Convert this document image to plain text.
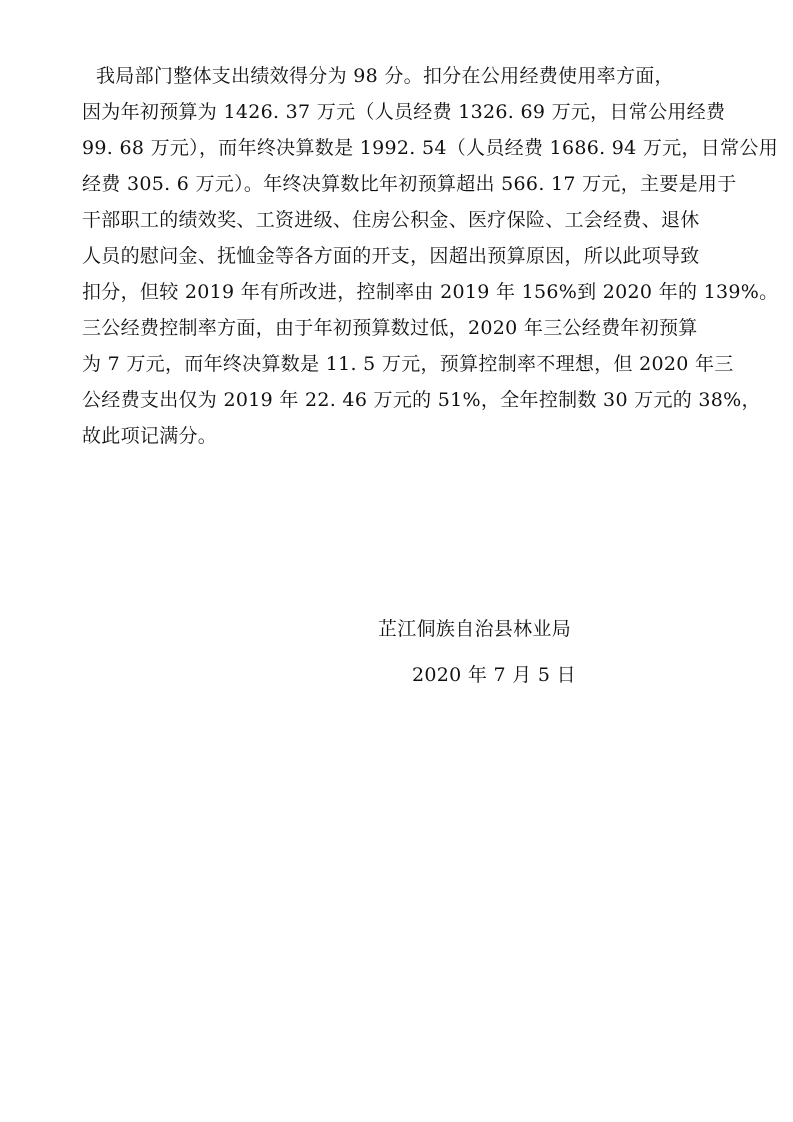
我局部门整体支出绩效得分为 98 分。扣分在公用经费使用率方面，
因为年初预算为 1426. 37 万元（人员经费 1326. 69 万元，日常公用经费
99. 68 万元），而年终决算数是 1992. 54（人员经费 1686. 94 万元，日常公用
经费 305. 6 万元）。年终决算数比年初预算超出 566. 17 万元，主要是用于
干部职工的绩效奖、工资进级、住房公积金、医疗保险、工会经费、退休
人员的慰问金、抚恤金等各方面的开支，因超出预算原因，所以此项导致
扣分，但较 2019 年有所改进，控制率由 2019 年 156%到 2020 年的 139%。
三公经费控制率方面，由于年初预算数过低，2020 年三公经费年初预算
为 7 万元，而年终决算数是 11. 5 万元，预算控制率不理想，但 2020 年三
公经费支出仅为 2019 年 22. 46 万元的 51%，全年控制数 30 万元的 38%，
故此项记满分。
芷江侗族自治县林业局
2020 年 7 月 5 日
